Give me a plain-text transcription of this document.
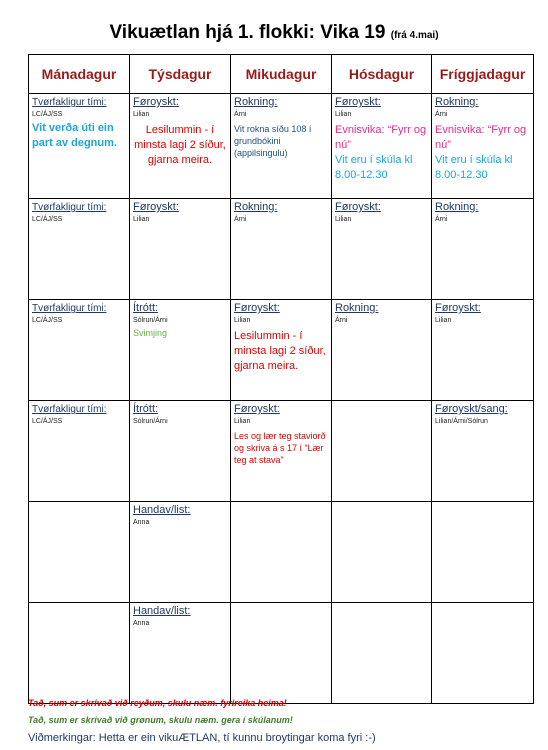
Vikuætlan hjá 1. flokki: Vika 19 (frá 4.mai)
Mánadagur	Týsdagur	Mikudagur	Hósdagur	Fríggjadagur

Tvørfakligur tími:
LC/ÁJ/SS
Vit verða úti ein part av degnum.	Føroyskt:
Lilian
Lesilummin - í minsta lagi 2 síður, gjarna meira.	Rokning:
Árni
Vit rokna síðu 108 í grundbókini (appilsingulu)	Føroyskt:
Lilian
Evnisvika: “Fyrr og nú”
Vit eru í skúla kl 8.00-12.30	Rokning:
Árni
Evnisvika: “Fyrr og nú”
Vit eru í skúla kl 8.00-12.30

Tvørfakligur tími:
LC/ÁJ/SS	Føroyskt:
Lilian	Rokning:
Árni	Føroyskt:
Lilian	Rokning:
Árni

Tvørfakligur tími:
LC/ÁJ/SS	Ítrótt:
Sólrun/Árni
Svimjing	Føroyskt:
Lilian
Lesilummin - í minsta lagi 2 síður, gjarna meira.	Rokning:
Árni	Føroyskt:
Lilian

Tvørfakligur tími:
LC/ÁJ/SS	Ítrótt:
Sólrun/Árni	Føroyskt:
Lilian
Les og lær teg staviorð og skriva á s 17 í “Lær teg at stava”		Føroyskt/sang:
Lilian/Árni/Sólrun

	Handav/list:
Anna			

	Handav/list:
Anna			

Tað, sum er skrivað við reyðum, skulu næm. fyrireika heima!
Tað, sum er skrivað við grønum, skulu næm. gera í skúlanum!
Viðmerkingar: Hetta er ein vikuÆTLAN, tí kunnu broytingar koma fyri :-)
